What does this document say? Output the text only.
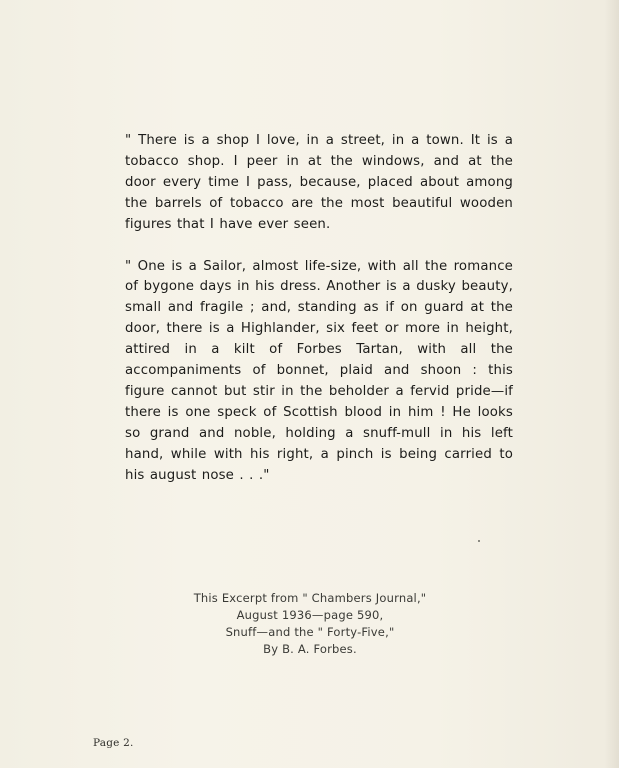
" There is a shop I love, in a street, in a town. It is a tobacco shop. I peer in at the windows, and at the door every time I pass, because, placed about among the barrels of tobacco are the most beautiful wooden figures that I have ever seen.

" One is a Sailor, almost life-size, with all the romance of bygone days in his dress. Another is a dusky beauty, small and fragile ; and, standing as if on guard at the door, there is a Highlander, six feet or more in height, attired in a kilt of Forbes Tartan, with all the accompaniments of bonnet, plaid and shoon : this figure cannot but stir in the beholder a fervid pride—if there is one speck of Scottish blood in him ! He looks so grand and noble, holding a snuff-mull in his left hand, while with his right, a pinch is being carried to his august nose . . ."

This Excerpt from " Chambers Journal,"
August 1936—page 590,
Snuff—and the " Forty-Five,"
By B. A. Forbes.
Page 2.
